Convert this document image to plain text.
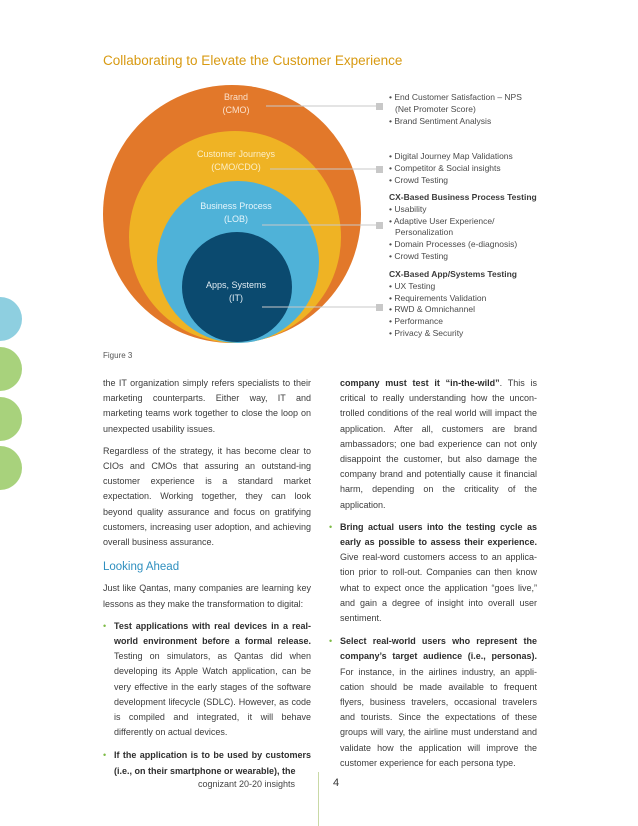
Collaborating to Elevate the Customer Experience
Brand
(CMO)
Customer Journeys
(CMO/CDO)
Business Process
(LOB)
Apps, Systems
(IT)
• End Customer Satisfaction – NPS
(Net Promoter Score)
• Brand Sentiment Analysis
• Digital Journey Map Validations
• Competitor & Social insights
• Crowd Testing
CX-Based Business Process Testing
• Usability
• Adaptive User Experience/
Personalization
• Domain Processes (e-diagnosis)
• Crowd Testing
CX-Based App/Systems Testing
• UX Testing
• Requirements Validation
• RWD & Omnichannel
• Performance
• Privacy & Security
Figure 3

the IT organization simply refers specialists to their marketing counterparts. Either way, IT and marketing teams work together to close the loop on unexpected usability issues.

Regardless of the strategy, it has become clear to CIOs and CMOs that assuring an outstand-ing customer experience is a standard market expectation. Working together, they can look beyond quality assurance and focus on gratifying customers, increasing user adoption, and achieving overall business assurance.

Looking Ahead

Just like Qantas, many companies are learning key lessons as they make the transformation to digital:

• Test applications with real devices in a real-world environment before a formal release. Testing on simulators, as Qantas did when developing its Apple Watch application, can be very effective in the early stages of the software development lifecycle (SDLC). However, as code is compiled and integrated, it will behave differently on actual devices.
• If the application is to be used by customers (i.e., on their smartphone or wearable), the

company must test it “in-the-wild”. This is critical to really understanding how the uncon-trolled conditions of the real world will impact the application. After all, customers are brand ambassadors; one bad experience can not only disappoint the customer, but also damage the company brand and potentially cause it financial harm, depending on the criticality of the application.

• Bring actual users into the testing cycle as early as possible to assess their experience. Give real-word customers access to an applica-tion prior to roll-out. Companies can then know what to expect once the application “goes live,” and gain a degree of insight into overall user sentiment.
• Select real-world users who represent the company’s target audience (i.e., personas). For instance, in the airlines industry, an appli-cation should be made available to frequent flyers, business travelers, occasional travelers and tourists. Since the expectations of these groups will vary, the airline must understand and validate how the application will improve the customer experience for each persona type.
cognizant 20-20 insights	4
